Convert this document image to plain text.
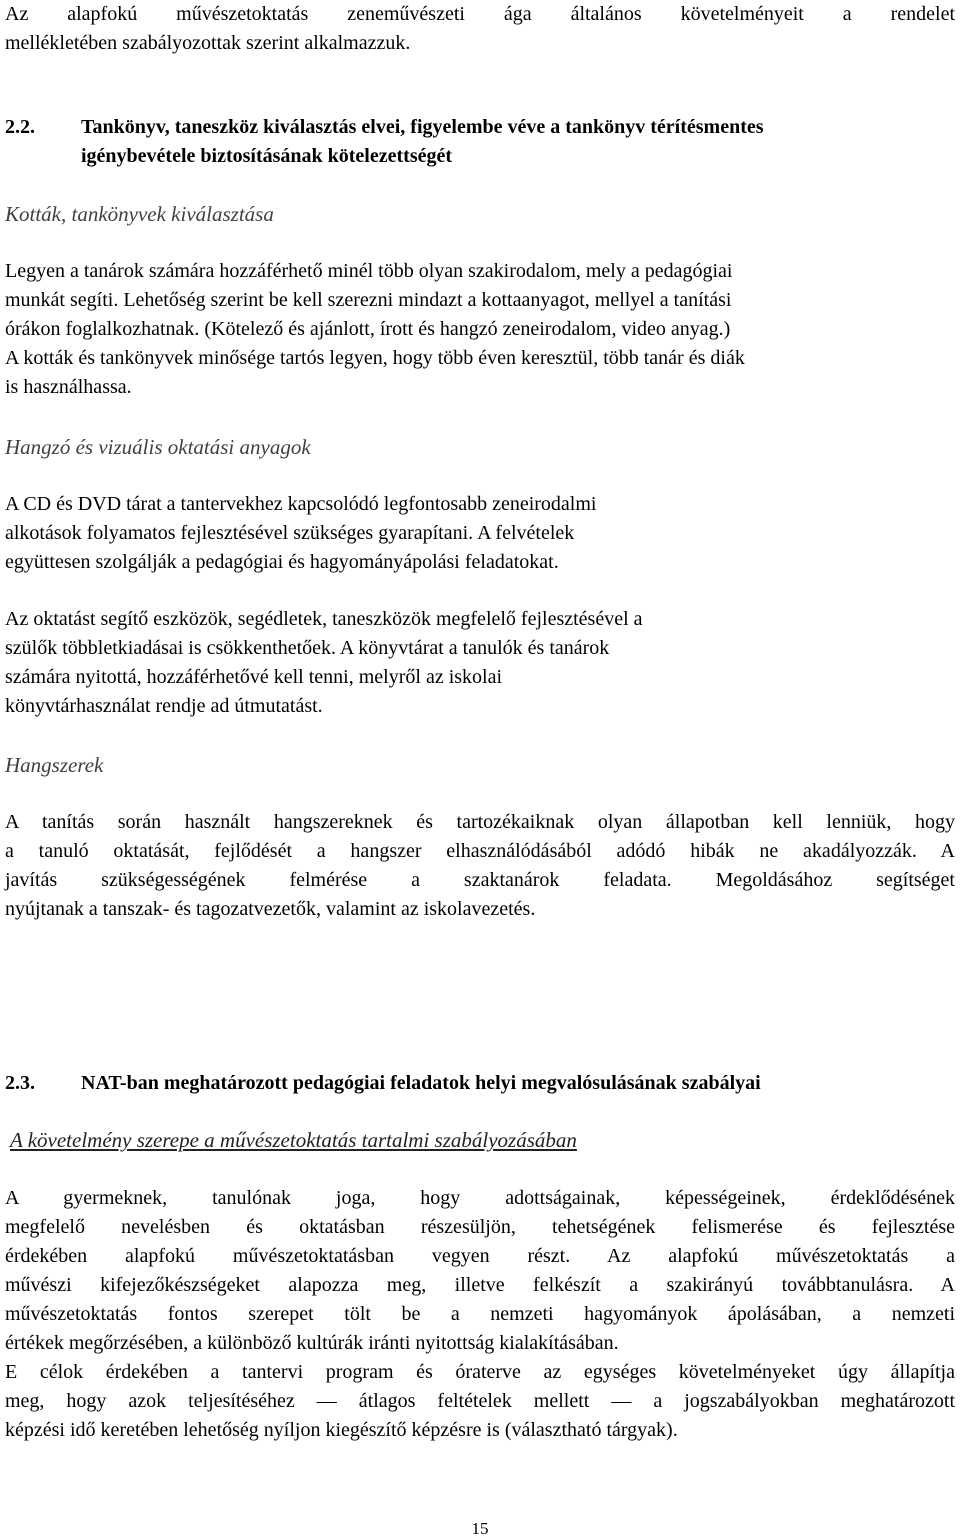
Az alapfokú művészetoktatás zeneművészeti ága általános követelményeit a rendelet
mellékletében szabályozottak szerint alkalmazzuk.
2.2. Tankönyv, taneszköz kiválasztás elvei, figyelembe véve a tankönyv térítésmentes
igénybevétele biztosításának kötelezettségét
Kották, tankönyvek kiválasztása
Legyen a tanárok számára hozzáférhető minél több olyan szakirodalom, mely a pedagógiai
munkát segíti. Lehetőség szerint be kell szerezni mindazt a kottaanyagot, mellyel a tanítási
órákon foglalkozhatnak. (Kötelező és ajánlott, írott és hangzó zeneirodalom, video anyag.)
A kották és tankönyvek minősége tartós legyen, hogy több éven keresztül, több tanár és diák
is használhassa.
Hangzó és vizuális oktatási anyagok
A CD és DVD tárat a tantervekhez kapcsolódó legfontosabb zeneirodalmi
alkotások folyamatos fejlesztésével szükséges gyarapítani. A felvételek
együttesen szolgálják a pedagógiai és hagyományápolási feladatokat.
Az oktatást segítő eszközök, segédletek, taneszközök megfelelő fejlesztésével a
szülők többletkiadásai is csökkenthetőek. A könyvtárat a tanulók és tanárok
számára nyitottá, hozzáférhetővé kell tenni, melyről az iskolai
könyvtárhasználat rendje ad útmutatást.
Hangszerek
A tanítás során használt hangszereknek és tartozékaiknak olyan állapotban kell lenniük, hogy
a tanuló oktatását, fejlődését a hangszer elhasználódásából adódó hibák ne akadályozzák. A
javítás szükségességének felmérése a szaktanárok feladata. Megoldásához segítséget
nyújtanak a tanszak- és tagozatvezetők, valamint az iskolavezetés.
2.3. NAT-ban meghatározott pedagógiai feladatok helyi megvalósulásának szabályai
A követelmény szerepe a művészetoktatás tartalmi szabályozásában
A gyermeknek, tanulónak joga, hogy adottságainak, képességeinek, érdeklődésének
megfelelő nevelésben és oktatásban részesüljön, tehetségének felismerése és fejlesztése
érdekében alapfokú művészetoktatásban vegyen részt. Az alapfokú művészetoktatás a
művészi kifejezőkészségeket alapozza meg, illetve felkészít a szakirányú továbbtanulásra. A
művészetoktatás fontos szerepet tölt be a nemzeti hagyományok ápolásában, a nemzeti
értékek megőrzésében, a különböző kultúrák iránti nyitottság kialakításában.
E célok érdekében a tantervi program és óraterve az egységes követelményeket úgy állapítja
meg, hogy azok teljesítéséhez — átlagos feltételek mellett — a jogszabályokban meghatározott
képzési idő keretében lehetőség nyíljon kiegészítő képzésre is (választható tárgyak).
15
